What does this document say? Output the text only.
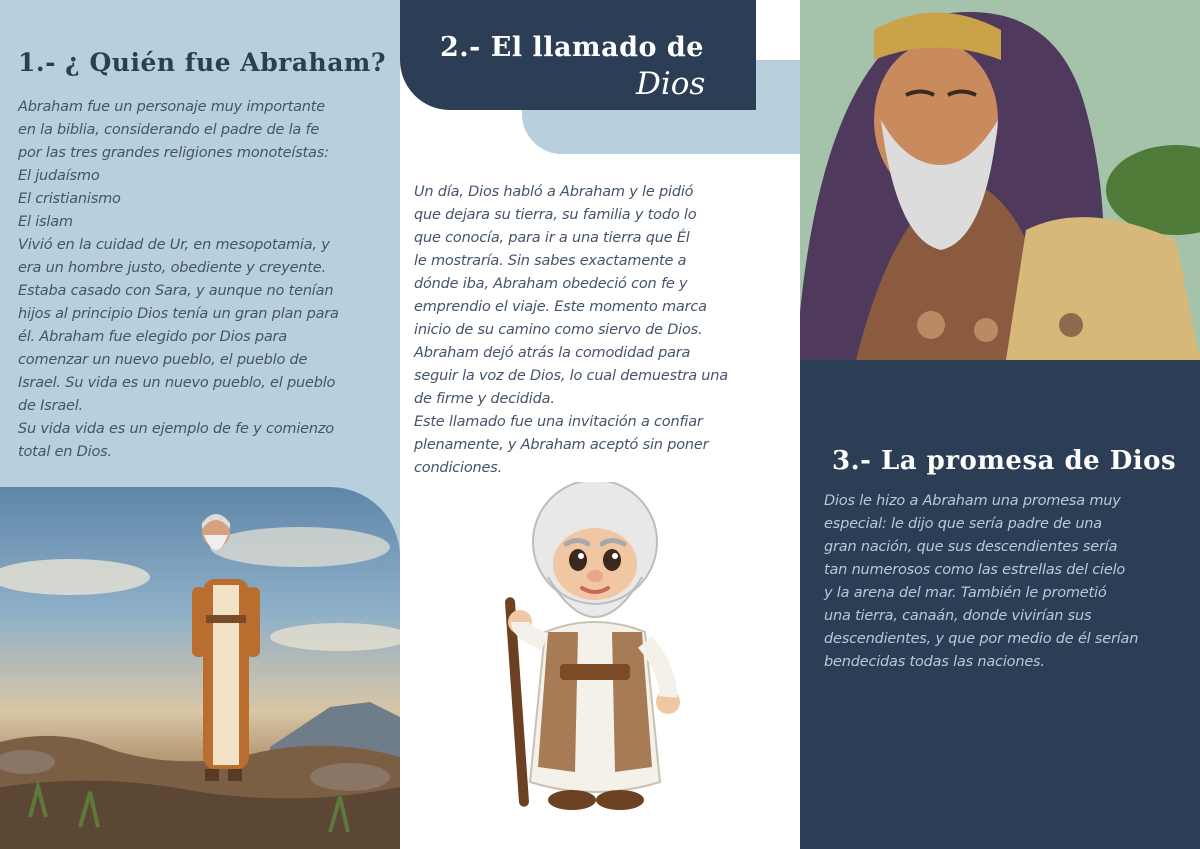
1.- ¿ Quién fue Abraham?
Abraham fue un personaje muy importante
en la biblia, considerando el padre de la fe
por las tres grandes religiones monoteístas:
El judaísmo
El cristianismo
El islam
Vivió en la cuidad de Ur, en mesopotamia, y
era un hombre justo, obediente y creyente.
Estaba casado con Sara, y aunque no tenían
hijos al principio Dios tenía un gran plan para
él. Abraham fue elegido por Dios para
comenzar un nuevo pueblo, el pueblo de
Israel. Su vida es un nuevo pueblo, el pueblo
de Israel.
Su vida vida es un ejemplo de fe y comienzo
total en Dios.
2.- El llamado de
Dios
Un día, Dios habló a Abraham y le pidió
que dejara su tierra, su familia y todo lo
que conocía, para ir a una tierra que Él
le mostraría. Sin sabes exactamente a
dónde iba, Abraham obedeció con fe y
emprendio el viaje. Este momento marca
inicio de su camino como siervo de Dios.
Abraham dejó atrás la comodidad para
seguir la voz de Dios, lo cual demuestra una
de firme y decidida.
Este llamado fue una invitación a confiar
plenamente, y Abraham aceptó sin poner
condiciones.	3.- La promesa de Dios
Dios le hizo a Abraham una promesa muy
especial: le dijo que sería padre de una
gran nación, que sus descendientes sería
tan numerosos como las estrellas del cielo
y la arena del mar. También le prometió
una tierra, canaán, donde vivirían sus
descendientes, y que por medio de él serían
bendecidas todas las naciones.
